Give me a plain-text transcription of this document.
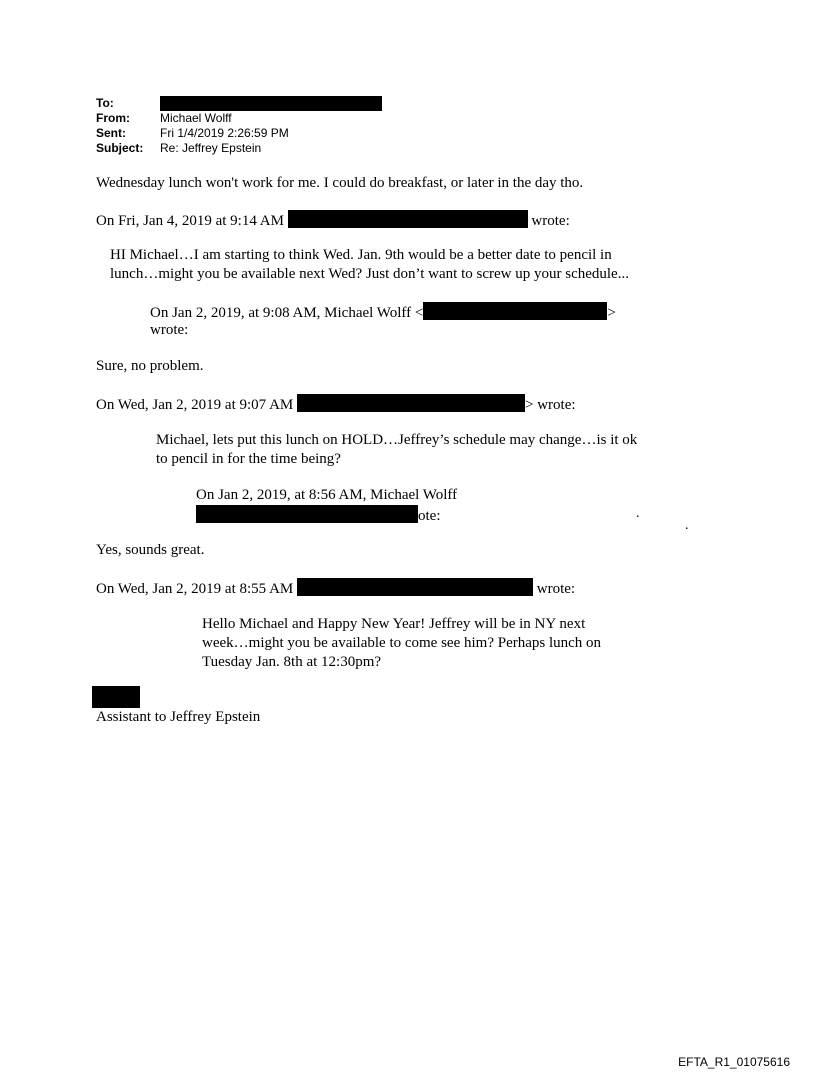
To:
From:	Michael Wolff
Sent:	Fri 1/4/2019 2:26:59 PM
Subject:	Re: Jeffrey Epstein
Wednesday lunch won't work for me. I could do breakfast, or later in the day tho.
On Fri, Jan 4, 2019 at 9:14 AM	wrote:
HI Michael…I am starting to think Wed. Jan. 9th would be a better date to pencil in
lunch…might you be available next Wed? Just don’t want to screw up your schedule...
On Jan 2, 2019, at 9:08 AM, Michael Wolff <	>
wrote:
Sure, no problem.
On Wed, Jan 2, 2019 at 9:07 AM	> wrote:
Michael, lets put this lunch on HOLD…Jeffrey’s schedule may change…is it ok
to pencil in for the time being?
On Jan 2, 2019, at 8:56 AM, Michael Wolff
ote:	.
.
Yes, sounds great.
On Wed, Jan 2, 2019 at 8:55 AM	wrote:
Hello Michael and Happy New Year! Jeffrey will be in NY next
week…might you be available to come see him? Perhaps lunch on
Tuesday Jan. 8th at 12:30pm?
Assistant to Jeffrey Epstein
EFTA_R1_01075616
